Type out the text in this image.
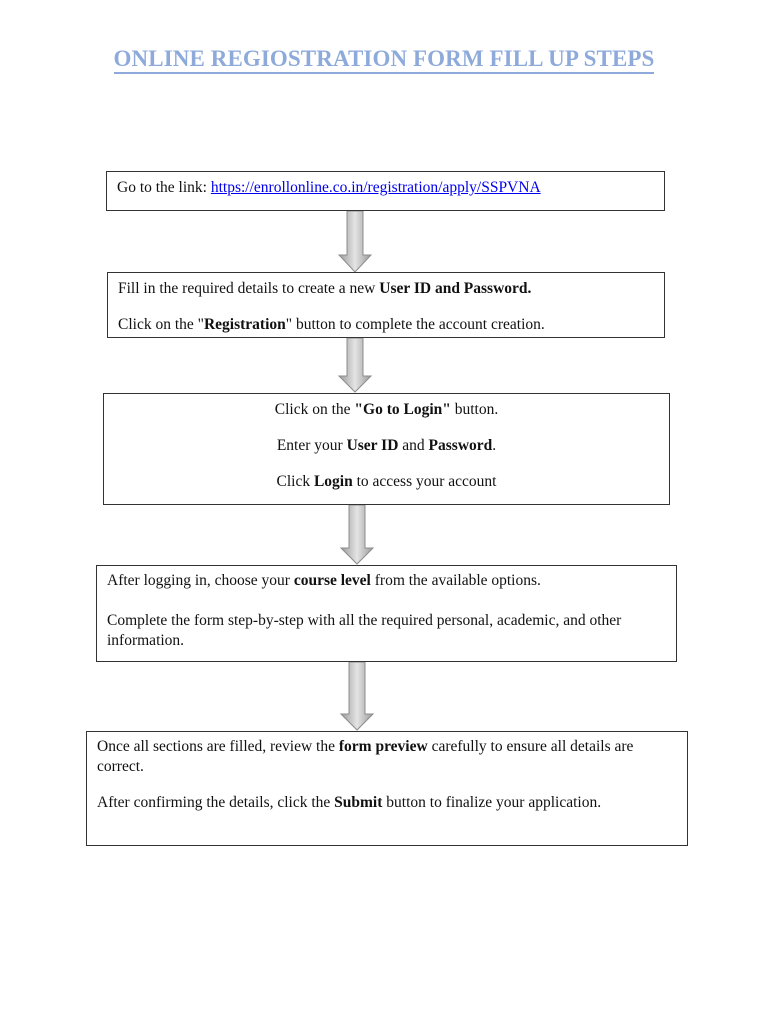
ONLINE REGIOSTRATION FORM FILL UP STEPS

Go to the link: https://enrollonline.co.in/registration/apply/SSPVNA

Fill in the required details to create a new User ID and Password.

Click on the "Registration" button to complete the account creation.

Click on the "Go to Login" button.

Enter your User ID and Password.

Click Login to access your account

After logging in, choose your course level from the available options.

Complete the form step-by-step with all the required personal, academic, and other information.

Once all sections are filled, review the form preview carefully to ensure all details are correct.

After confirming the details, click the Submit button to finalize your application.
